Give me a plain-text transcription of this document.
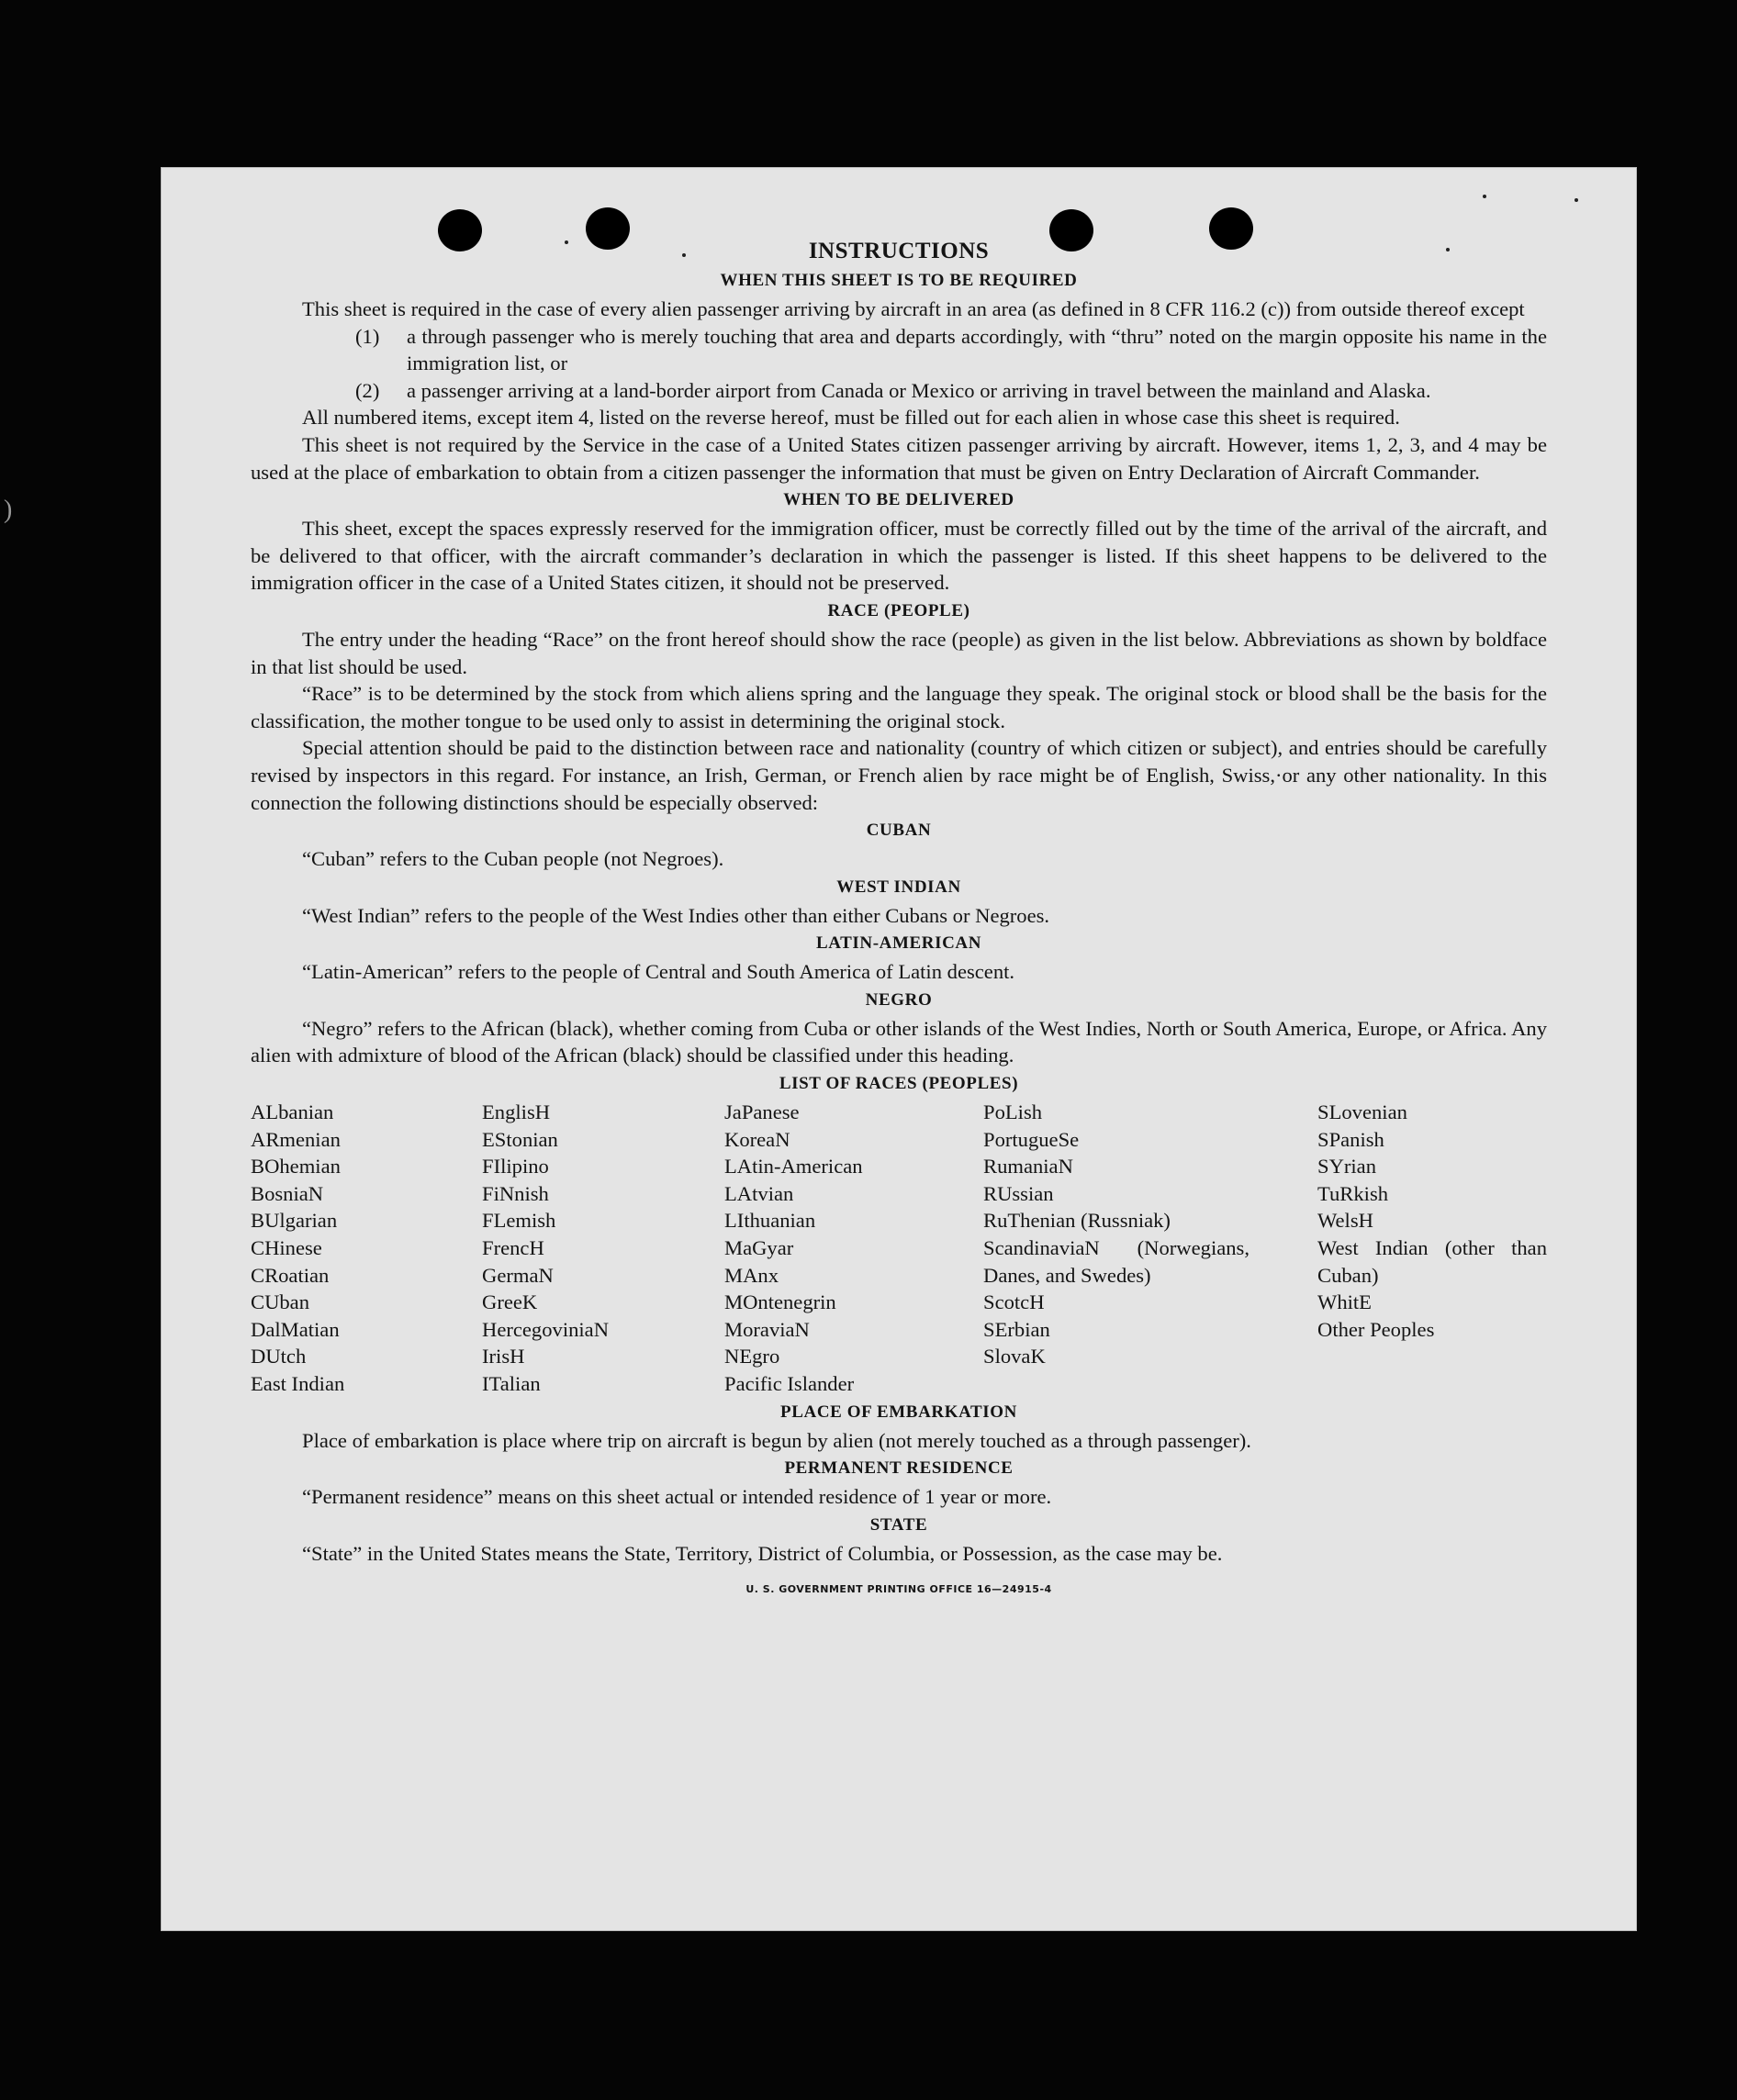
)
INSTRUCTIONS
WHEN THIS SHEET IS TO BE REQUIRED

This sheet is required in the case of every alien passenger arriving by aircraft in an area (as defined in 8 CFR 116.2 (c)) from outside thereof except

(1)	a through passenger who is merely touching that area and departs accordingly, with “thru” noted on the margin opposite his name in the immigration list, or
(2)	a passenger arriving at a land-border airport from Canada or Mexico or arriving in travel between the mainland and Alaska.

All numbered items, except item 4, listed on the reverse hereof, must be filled out for each alien in whose case this sheet is required.

This sheet is not required by the Service in the case of a United States citizen passenger arriving by aircraft. However, items 1, 2, 3, and 4 may be used at the place of embarkation to obtain from a citizen passenger the information that must be given on Entry Declaration of Aircraft Commander.

WHEN TO BE DELIVERED

This sheet, except the spaces expressly reserved for the immigration officer, must be correctly filled out by the time of the arrival of the aircraft, and be delivered to that officer, with the aircraft commander’s declaration in which the passenger is listed. If this sheet happens to be delivered to the immigration officer in the case of a United States citizen, it should not be preserved.

RACE (PEOPLE)

The entry under the heading “Race” on the front hereof should show the race (people) as given in the list below. Abbreviations as shown by boldface in that list should be used.

“Race” is to be determined by the stock from which aliens spring and the language they speak. The original stock or blood shall be the basis for the classification, the mother tongue to be used only to assist in determining the original stock.

Special attention should be paid to the distinction between race and nationality (country of which citizen or subject), and entries should be carefully revised by inspectors in this regard. For instance, an Irish, German, or French alien by race might be of English, Swiss,·or any other nationality. In this connection the following distinctions should be especially observed:

CUBAN

“Cuban” refers to the Cuban people (not Negroes).

WEST INDIAN

“West Indian” refers to the people of the West Indies other than either Cubans or Negroes.

LATIN-AMERICAN

“Latin-American” refers to the people of Central and South America of Latin descent.

NEGRO

“Negro” refers to the African (black), whether coming from Cuba or other islands of the West Indies, North or South America, Europe, or Africa. Any alien with admixture of blood of the African (black) should be classified under this heading.

LIST OF RACES (PEOPLES)
ALbanian
ARmenian
BOhemian
BosniaN
BUlgarian
CHinese
CRoatian
CUban
DalMatian
DUtch
East Indian
EnglisH
EStonian
FIlipino
FiNnish
FLemish
FrencH
GermaN
GreeK
HercegoviniaN
IrisH
ITalian
JaPanese
KoreaN
LAtin-American
LAtvian
LIthuanian
MaGyar
MAnx
MOntenegrin
MoraviaN
NEgro
Pacific Islander
PoLish
PortugueSe
RumaniaN
RUssian
RuThenian (Russniak)
ScandinaviaN (Norwegians, Danes, and Swedes)
ScotcH
SErbian
SlovaK
SLovenian
SPanish
SYrian
TuRkish
WelsH
West Indian (other than Cuban)
WhitE
Other Peoples
PLACE OF EMBARKATION

Place of embarkation is place where trip on aircraft is begun by alien (not merely touched as a through passenger).

PERMANENT RESIDENCE

“Permanent residence” means on this sheet actual or intended residence of 1 year or more.

STATE

“State” in the United States means the State, Territory, District of Columbia, or Possession, as the case may be.

U. S. GOVERNMENT PRINTING OFFICE 16—24915-4
